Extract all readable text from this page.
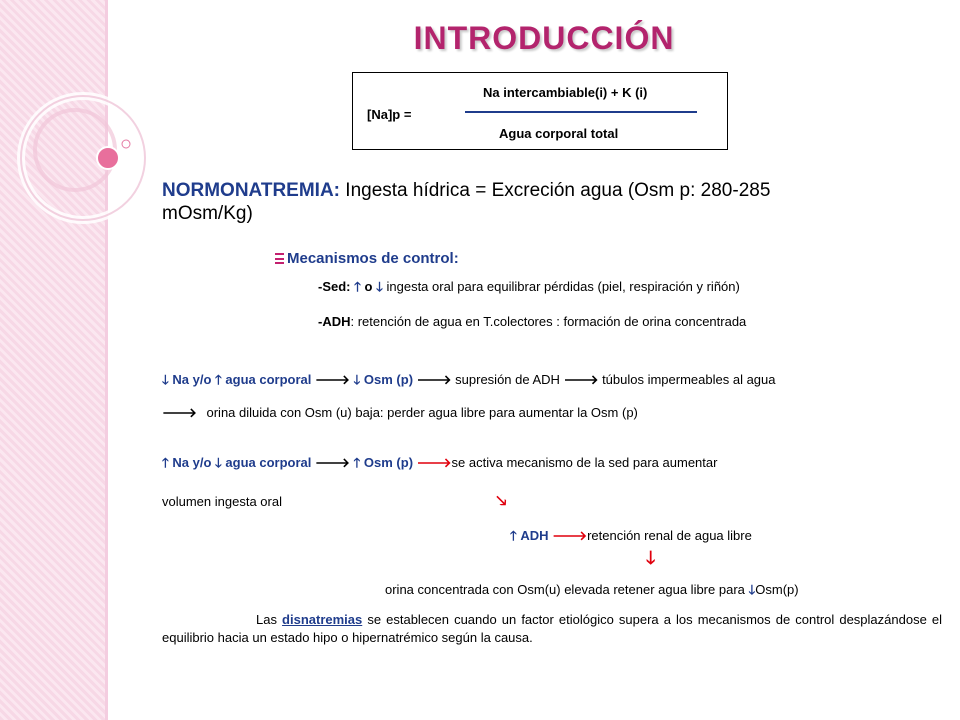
INTRODUCCIÓN
Na intercambiable(i) + K (i)
[Na]p =
Agua corporal total
NORMONATREMIA: Ingesta hídrica = Excreción agua (Osm p: 280-285
mOsm/Kg)
Mecanismos de control:
-Sed: 🡑 o 🡓 ingesta oral para equilibrar pérdidas (piel, respiración y riñón)
-ADH: retención de agua en T.colectores : formación de orina concentrada
🡓 Na y/o 🡑 agua corporal 🡒 🡓 Osm (p) 🡒 supresión de ADH 🡒 túbulos impermeables al agua
🡒 orina diluida con Osm (u) baja: perder agua libre para aumentar la Osm (p)
🡑 Na y/o 🡓 agua corporal 🡒 🡑 Osm (p) 🡒se activa mecanismo de la sed para aumentar
volumen ingesta oral	🡖
🡑 ADH 🡒retención renal de agua libre
🡓
orina concentrada con Osm(u) elevada retener agua libre para 🡓Osm(p)
Las disnatremias se establecen cuando un factor etiológico supera a los mecanismos de control desplazándose el equilibrio hacia un estado hipo o hipernatrémico según la causa.
